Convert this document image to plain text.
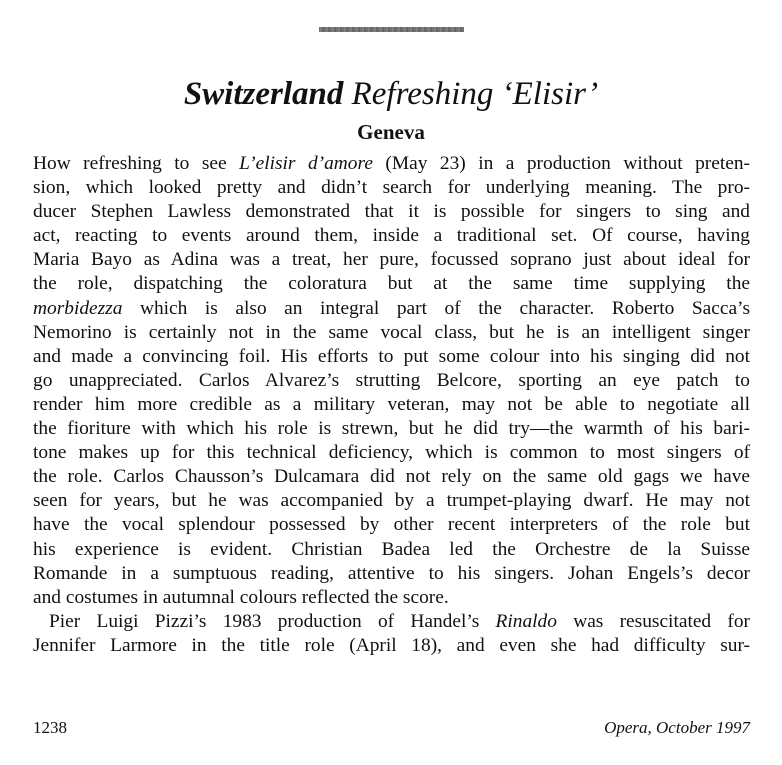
Switzerland Refreshing ‘Elisir’
Geneva
How refreshing to see L’elisir d’amore (May 23) in a production without preten-
sion, which looked pretty and didn’t search for underlying meaning. The pro-
ducer Stephen Lawless demonstrated that it is possible for singers to sing and
act, reacting to events around them, inside a traditional set. Of course, having
Maria Bayo as Adina was a treat, her pure, focussed soprano just about ideal for
the role, dispatching the coloratura but at the same time supplying the
morbidezza which is also an integral part of the character. Roberto Sacca’s
Nemorino is certainly not in the same vocal class, but he is an intelligent singer
and made a convincing foil. His efforts to put some colour into his singing did not
go unappreciated. Carlos Alvarez’s strutting Belcore, sporting an eye patch to
render him more credible as a military veteran, may not be able to negotiate all
the fioriture with which his role is strewn, but he did try—the warmth of his bari-
tone makes up for this technical deficiency, which is common to most singers of
the role. Carlos Chausson’s Dulcamara did not rely on the same old gags we have
seen for years, but he was accompanied by a trumpet-playing dwarf. He may not
have the vocal splendour possessed by other recent interpreters of the role but
his experience is evident. Christian Badea led the Orchestre de la Suisse
Romande in a sumptuous reading, attentive to his singers. Johan Engels’s decor
and costumes in autumnal colours reflected the score.
Pier Luigi Pizzi’s 1983 production of Handel’s Rinaldo was resuscitated for
Jennifer Larmore in the title role (April 18), and even she had difficulty sur-
1238	Opera, October 1997
